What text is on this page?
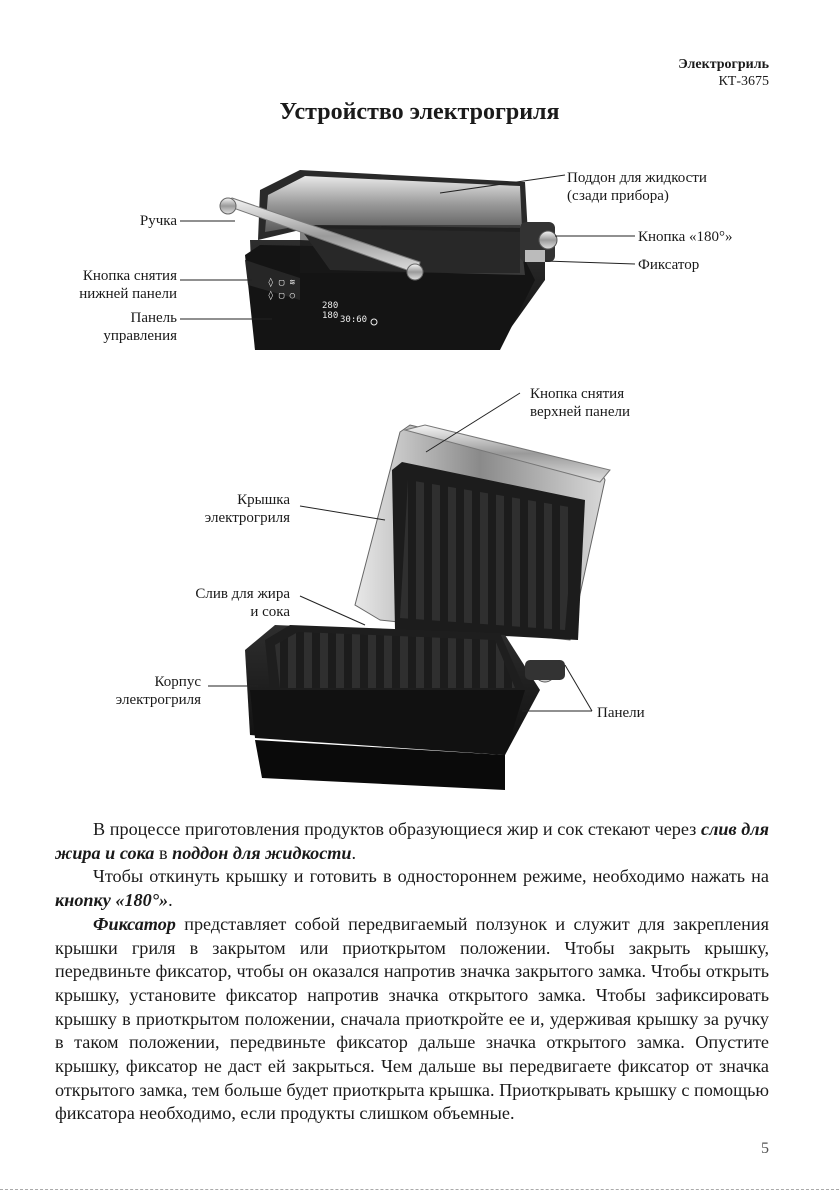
Электрогриль
КТ-3675
Устройство электрогриля
◊ ▢ ≋
◊ ▢ ○
280
180 30:60
Поддон для жидкости
(сзади прибора)
Ручка
Кнопка «180°»
Фиксатор
Кнопка снятия
нижней панели
Панель
управления
Кнопка снятия
верхней панели
Крышка
электрогриля
Слив для жира
и сока
Корпус
электрогриля
Панели

В процессе приготовления продуктов образующиеся жир и сок стекают через слив для жира и сока в поддон для жидкости.

Чтобы откинуть крышку и готовить в одностороннем режиме, необходимо нажать на кнопку «180°».

Фиксатор представляет собой передвигаемый ползунок и служит для закрепления крышки гриля в закрытом или приоткрытом положении. Чтобы закрыть крышку, передвиньте фиксатор, чтобы он оказался напротив значка закрытого замка. Чтобы открыть крышку, установите фиксатор напротив значка открытого замка. Чтобы зафиксировать крышку в приоткрытом положении, сначала приоткройте ее и, удерживая крышку за ручку в таком положении, передвиньте фиксатор дальше значка открытого замка. Опустите крышку, фиксатор не даст ей закрыться. Чем дальше вы передвигаете фиксатор от значка открытого замка, тем больше будет приоткрыта крышка. Приоткрывать крышку с помощью фиксатора необходимо, если продукты слишком объемные.

5
